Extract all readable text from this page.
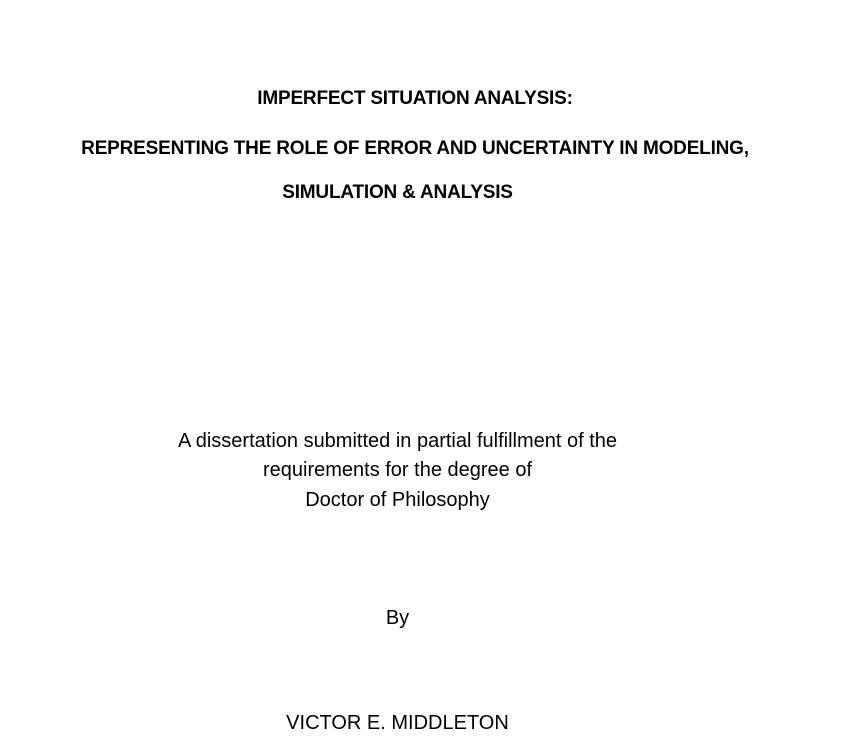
IMPERFECT SITUATION ANALYSIS:
REPRESENTING THE ROLE OF ERROR AND UNCERTAINTY IN MODELING,
SIMULATION & ANALYSIS
A dissertation submitted in partial fulfillment of the
requirements for the degree of
Doctor of Philosophy
By
VICTOR E. MIDDLETON
